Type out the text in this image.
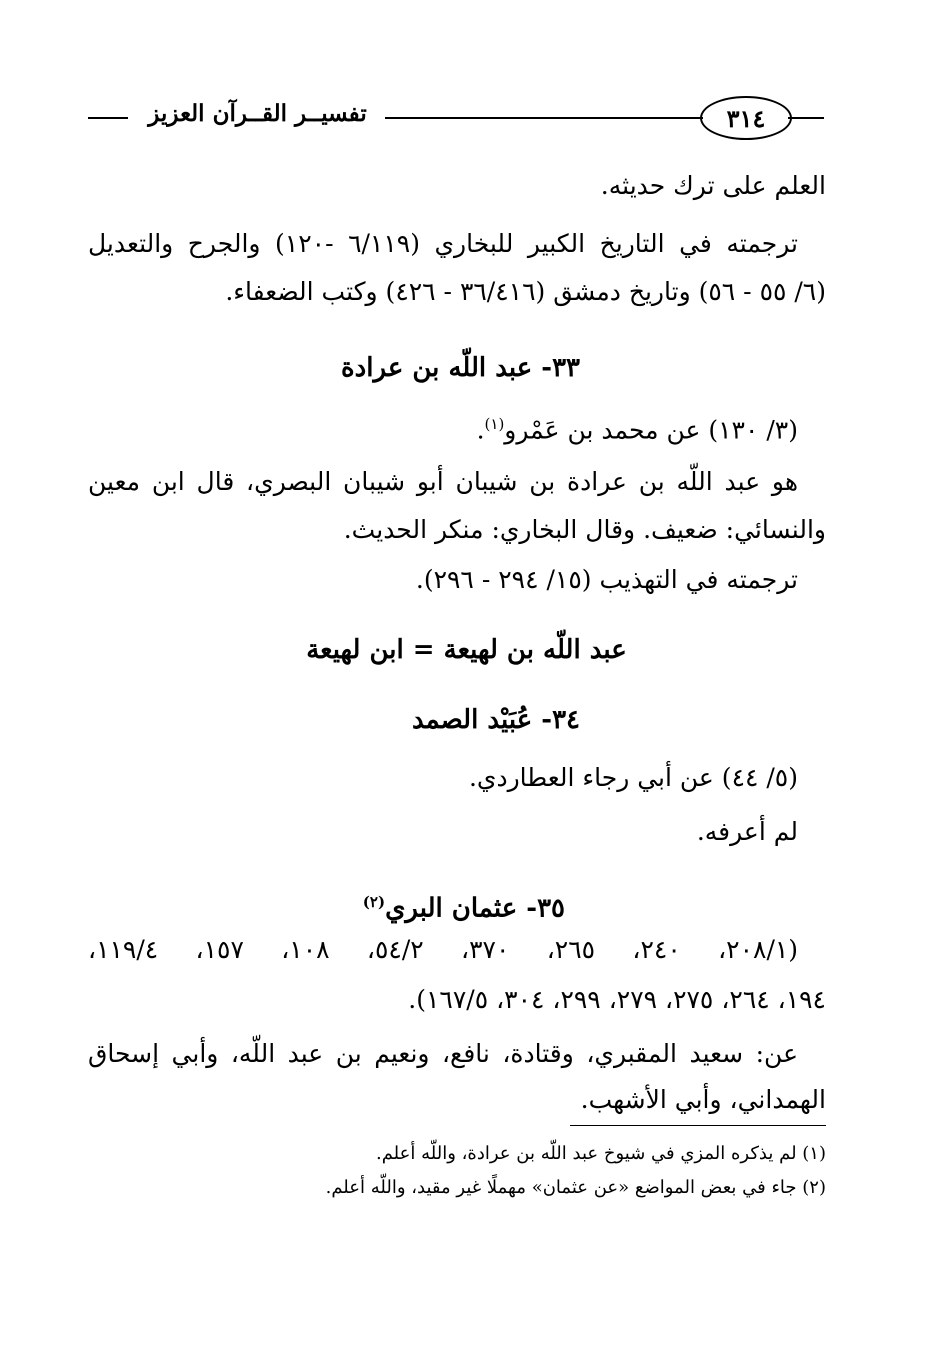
٣١٤
تفسيــر القــرآن العزيز
العلم على ترك حديثه.
ترجمته في التاريخ الكبير للبخاري (٦/١١٩ -١٢٠) والجرح والتعديل
(٦/ ٥٥ - ٥٦) وتاريخ دمشق (٣٦/٤١٦ - ٤٢٦) وكتب الضعفاء.
٣٣- عبد اللّه بن عرادة
(٣/ ١٣٠) عن محمد بن عَمْرو$^{(١)}$.
هو عبد اللّه بن عرادة بن شيبان أبو شيبان البصري، قال ابن معين
والنسائي: ضعيف. وقال البخاري: منكر الحديث.
ترجمته في التهذيب (١٥/ ٢٩٤ - ٢٩٦).
عبد اللّه بن لهيعة = ابن لهيعة
٣٤- عُبَيْد الصمد
(٥/ ٤٤) عن أبي رجاء العطاردي.
لم أعرفه.
٣٥- عثمان البري$^{(٢)}$
(٢٠٨/١، ٢٤٠، ٢٦٥، ٣٧٠، ٥٤/٢، ١٠٨، ١٥٧، ١١٩/٤،
١٩٤، ٢٦٤، ٢٧٥، ٢٧٩، ٢٩٩، ٣٠٤، ١٦٧/٥).
عن: سعيد المقبري، وقتادة، نافع، ونعيم بن عبد اللّه، وأبي إسحاق
الهمداني، وأبي الأشهب.
(١) لم يذكره المزي في شيوخ عبد اللّه بن عرادة، واللّه أعلم.
(٢) جاء في بعض المواضع «عن عثمان» مهملًا غير مقيد، واللّه أعلم.
